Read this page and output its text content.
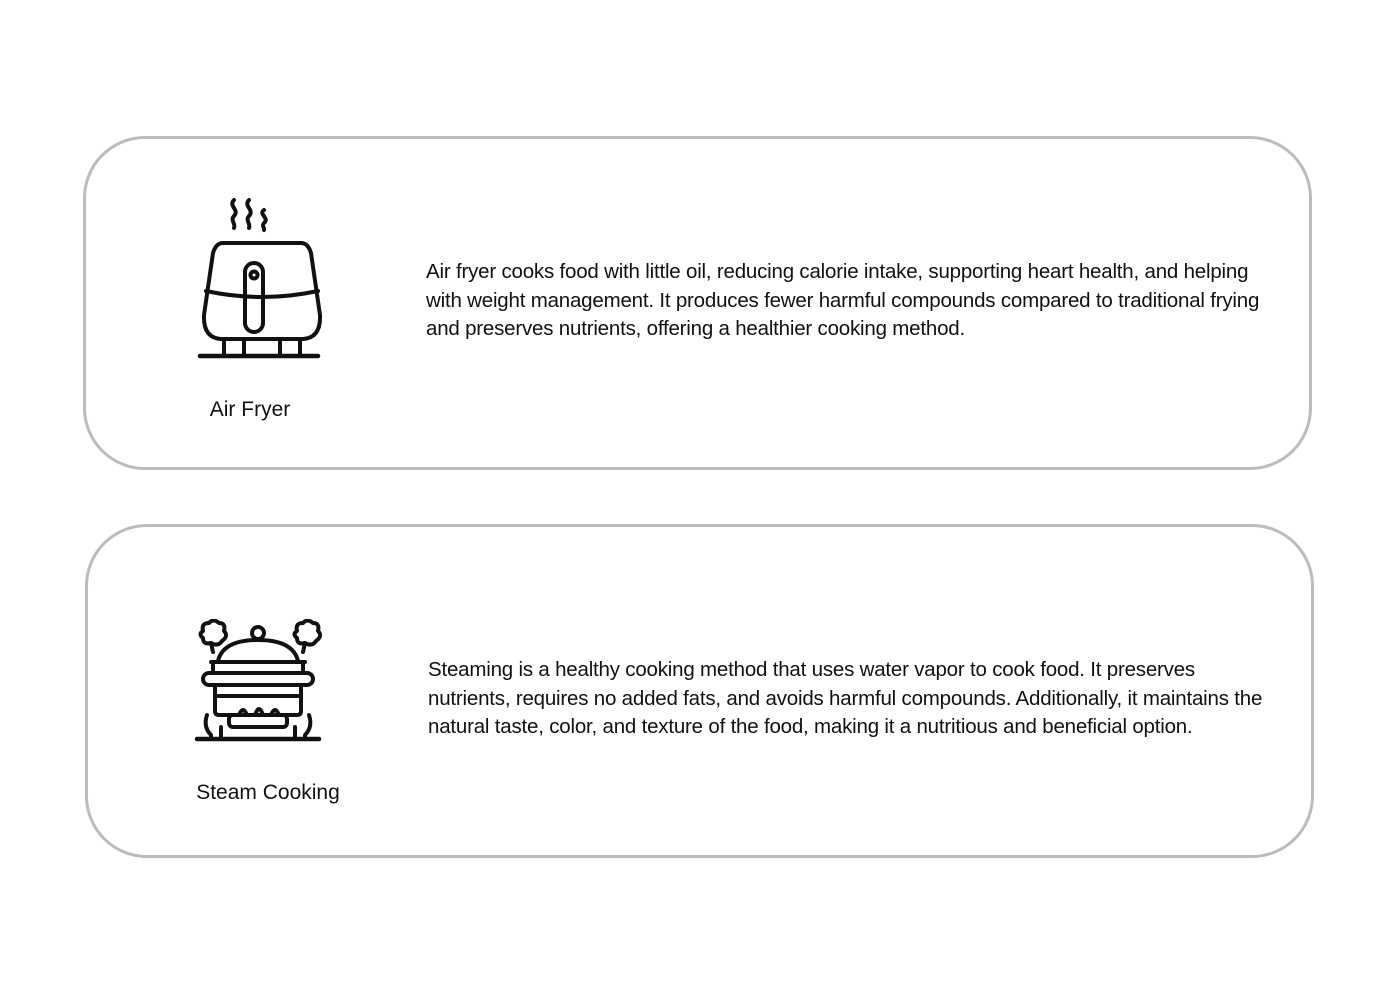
Air Fryer

Air fryer cooks food with little oil, reducing calorie intake, supporting heart health, and helping with weight management. It produces fewer harmful compounds compared to traditional frying and preserves nutrients, offering a healthier cooking method.

Steam Cooking

Steaming is a healthy cooking method that uses water vapor to cook food. It preserves nutrients, requires no added fats, and avoids harmful compounds. Additionally, it maintains the natural taste, color, and texture of the food, making it a nutritious and beneficial option.
